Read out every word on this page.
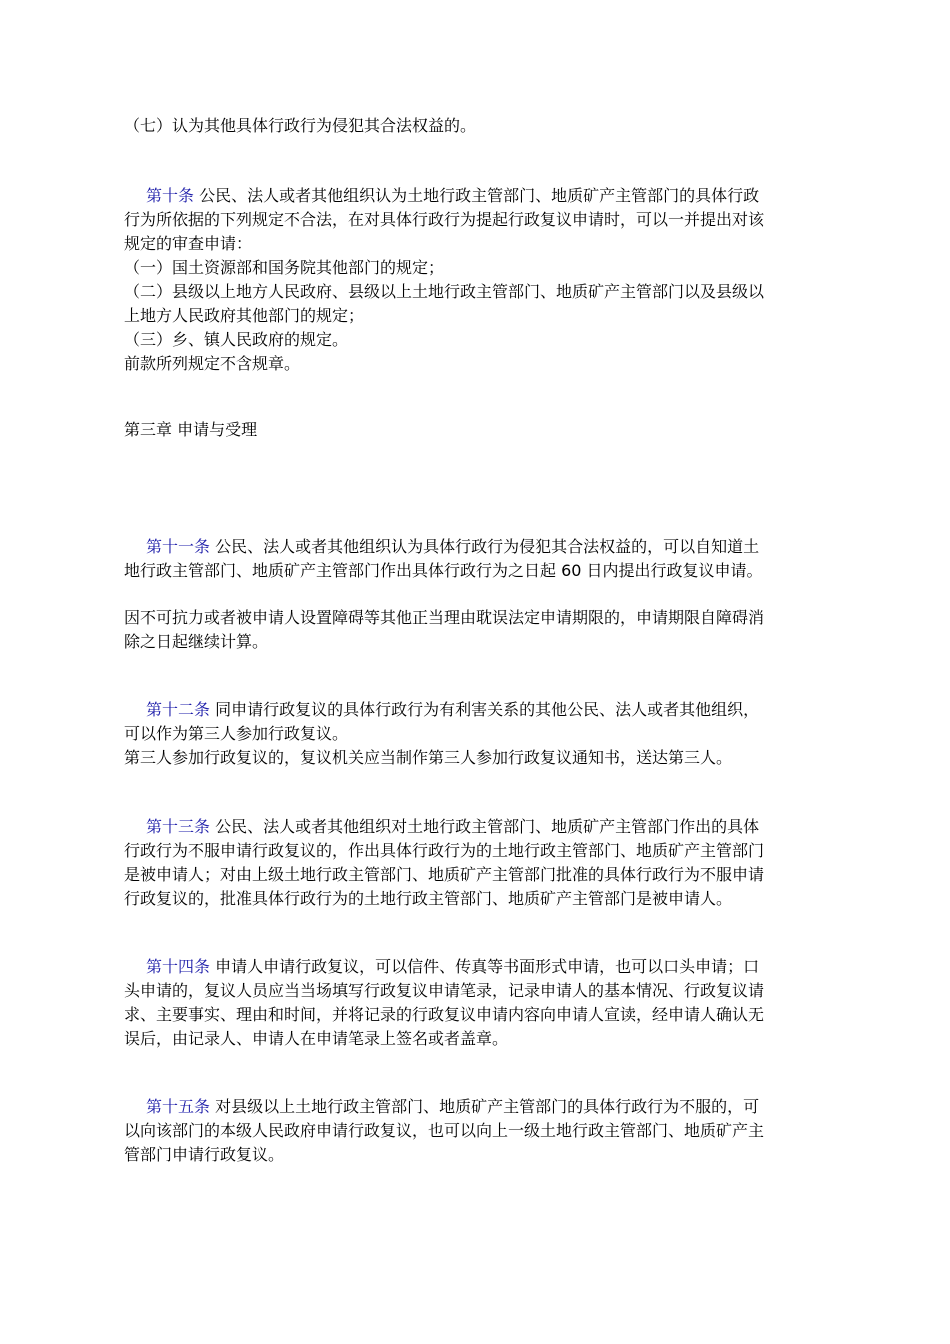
（七）认为其他具体行政行为侵犯其合法权益的。
第十条 公民、法人或者其他组织认为土地行政主管部门、地质矿产主管部门的具体行政
行为所依据的下列规定不合法，在对具体行政行为提起行政复议申请时，可以一并提出对该
规定的审查申请：
（一）国土资源部和国务院其他部门的规定；
（二）县级以上地方人民政府、县级以上土地行政主管部门、地质矿产主管部门以及县级以
上地方人民政府其他部门的规定；
（三）乡、镇人民政府的规定。
前款所列规定不含规章。
第三章 申请与受理
第十一条 公民、法人或者其他组织认为具体行政行为侵犯其合法权益的，可以自知道土
地行政主管部门、地质矿产主管部门作出具体行政行为之日起 60 日内提出行政复议申请。
因不可抗力或者被申请人设置障碍等其他正当理由耽误法定申请期限的，申请期限自障碍消
除之日起继续计算。
第十二条 同申请行政复议的具体行政行为有利害关系的其他公民、法人或者其他组织，
可以作为第三人参加行政复议。
第三人参加行政复议的，复议机关应当制作第三人参加行政复议通知书，送达第三人。
第十三条 公民、法人或者其他组织对土地行政主管部门、地质矿产主管部门作出的具体
行政行为不服申请行政复议的，作出具体行政行为的土地行政主管部门、地质矿产主管部门
是被申请人；对由上级土地行政主管部门、地质矿产主管部门批准的具体行政行为不服申请
行政复议的，批准具体行政行为的土地行政主管部门、地质矿产主管部门是被申请人。
第十四条 申请人申请行政复议，可以信件、传真等书面形式申请，也可以口头申请；口
头申请的，复议人员应当当场填写行政复议申请笔录，记录申请人的基本情况、行政复议请
求、主要事实、理由和时间，并将记录的行政复议申请内容向申请人宣读，经申请人确认无
误后，由记录人、申请人在申请笔录上签名或者盖章。
第十五条 对县级以上土地行政主管部门、地质矿产主管部门的具体行政行为不服的，可
以向该部门的本级人民政府申请行政复议，也可以向上一级土地行政主管部门、地质矿产主
管部门申请行政复议。
